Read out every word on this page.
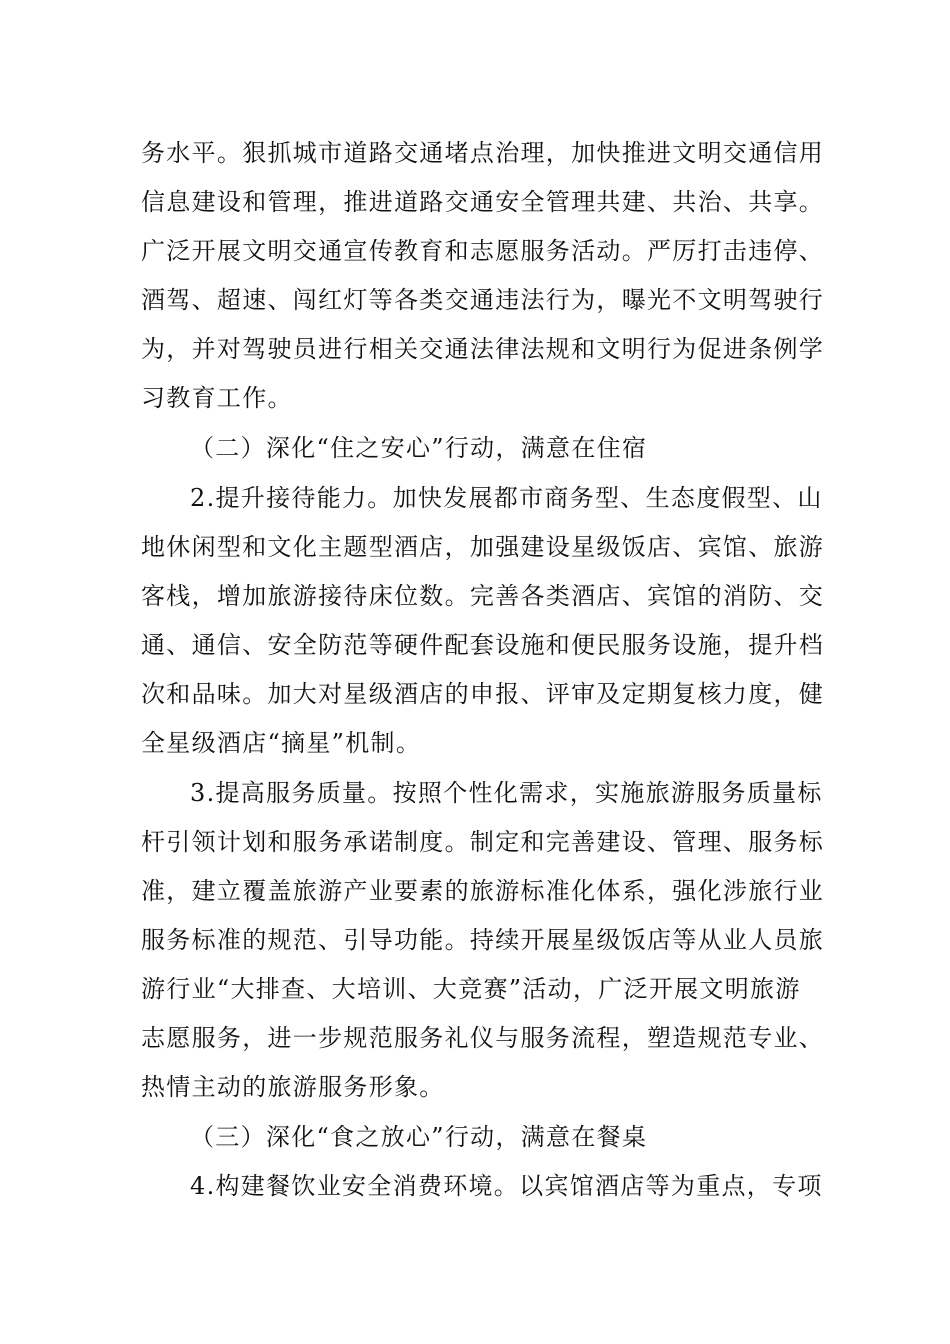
务水平。狠抓城市道路交通堵点治理，加快推进文明交通信用
信息建设和管理，推进道路交通安全管理共建、共治、共享。
广泛开展文明交通宣传教育和志愿服务活动。严厉打击违停、
酒驾、超速、闯红灯等各类交通违法行为，曝光不文明驾驶行
为，并对驾驶员进行相关交通法律法规和文明行为促进条例学
习教育工作。
（二）深化“住之安心”行动，满意在住宿
2.提升接待能力。加快发展都市商务型、生态度假型、山
地休闲型和文化主题型酒店，加强建设星级饭店、宾馆、旅游
客栈，增加旅游接待床位数。完善各类酒店、宾馆的消防、交
通、通信、安全防范等硬件配套设施和便民服务设施，提升档
次和品味。加大对星级酒店的申报、评审及定期复核力度，健
全星级酒店“摘星”机制。
3.提高服务质量。按照个性化需求，实施旅游服务质量标
杆引领计划和服务承诺制度。制定和完善建设、管理、服务标
准，建立覆盖旅游产业要素的旅游标准化体系，强化涉旅行业
服务标准的规范、引导功能。持续开展星级饭店等从业人员旅
游行业“大排查、大培训、大竞赛”活动，广泛开展文明旅游
志愿服务，进一步规范服务礼仪与服务流程，塑造规范专业、
热情主动的旅游服务形象。
（三）深化“食之放心”行动，满意在餐桌
4.构建餐饮业安全消费环境。以宾馆酒店等为重点，专项
